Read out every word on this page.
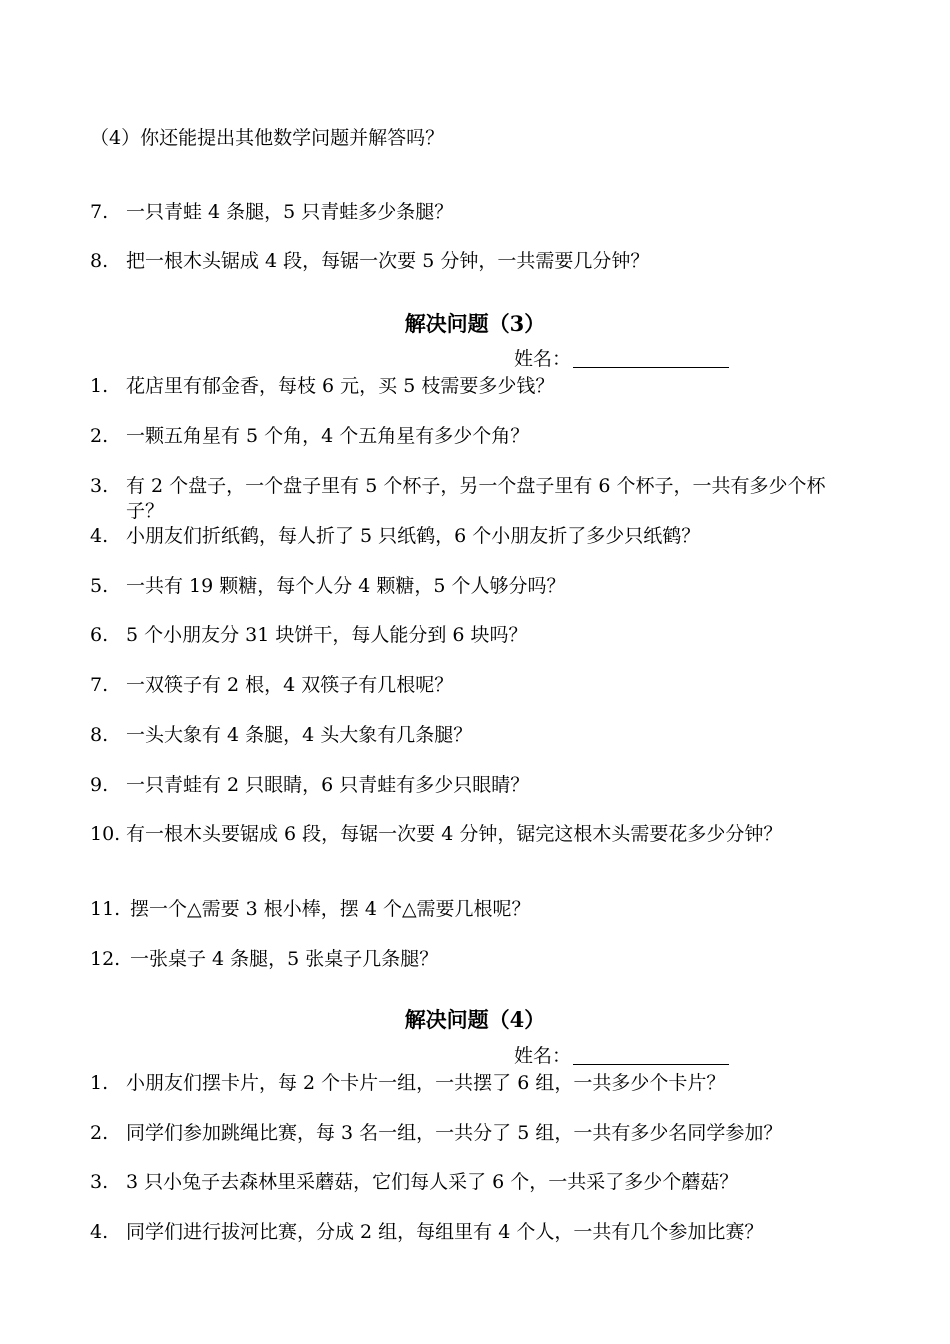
（4）你还能提出其他数学问题并解答吗？
7. 一只青蛙 4 条腿，5 只青蛙多少条腿？
8. 把一根木头锯成 4 段，每锯一次要 5 分钟，一共需要几分钟？
解决问题（3）
姓名：
1. 花店里有郁金香，每枝 6 元，买 5 枝需要多少钱？
2. 一颗五角星有 5 个角，4 个五角星有多少个角？
3. 有 2 个盘子，一个盘子里有 5 个杯子，另一个盘子里有 6 个杯子，一共有多少个杯子？
4. 小朋友们折纸鹤，每人折了 5 只纸鹤，6 个小朋友折了多少只纸鹤？
5. 一共有 19 颗糖，每个人分 4 颗糖，5 个人够分吗？
6. 5 个小朋友分 31 块饼干，每人能分到 6 块吗？
7. 一双筷子有 2 根，4 双筷子有几根呢？
8. 一头大象有 4 条腿，4 头大象有几条腿？
9. 一只青蛙有 2 只眼睛，6 只青蛙有多少只眼睛？
10. 有一根木头要锯成 6 段，每锯一次要 4 分钟，锯完这根木头需要花多少分钟？
11. 摆一个△需要 3 根小棒，摆 4 个△需要几根呢？
12. 一张桌子 4 条腿，5 张桌子几条腿？
解决问题（4）
姓名：
1. 小朋友们摆卡片，每 2 个卡片一组，一共摆了 6 组，一共多少个卡片？
2. 同学们参加跳绳比赛，每 3 名一组，一共分了 5 组，一共有多少名同学参加？
3. 3 只小兔子去森林里采蘑菇，它们每人采了 6 个，一共采了多少个蘑菇？
4. 同学们进行拔河比赛，分成 2 组，每组里有 4 个人，一共有几个参加比赛？
